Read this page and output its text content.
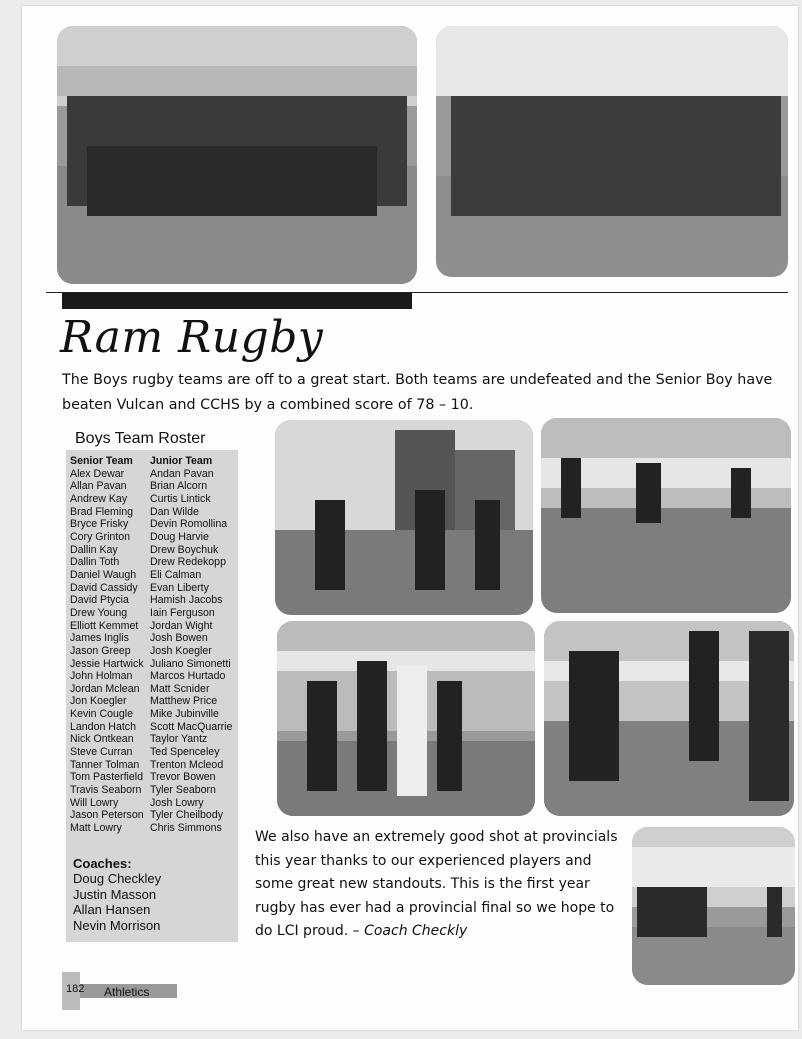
Ram Rugby
The Boys rugby teams are off to a great start. Both teams are undefeated and the Senior Boy have beaten Vulcan and CCHS by a combined score of 78 – 10.
Boys Team Roster
Senior Team
Alex Dewar
Allan Pavan
Andrew Kay
Brad Fleming
Bryce Frisky
Cory Grinton
Dallin Kay
Dallin Toth
Daniel Waugh
David Cassidy
David Ptycia
Drew Young
Elliott Kemmet
James Inglis
Jason Greep
Jessie Hartwick
John Holman
Jordan Mclean
Jon Koegler
Kevin Cougle
Landon Hatch
Nick Ontkean
Steve Curran
Tanner Tolman
Tom Pasterfield
Travis Seaborn
Will Lowry
Jason Peterson
Matt Lowry
Junior Team
Andan Pavan
Brian Alcorn
Curtis Lintick
Dan Wilde
Devin Romollina
Doug Harvie
Drew Boychuk
Drew Redekopp
Eli Calman
Evan Liberty
Hamish Jacobs
Iain Ferguson
Jordan Wight
Josh Bowen
Josh Koegler
Juliano Simonetti
Marcos Hurtado
Matt Scnider
Matthew Price
Mike Jubinville
Scott MacQuarrie
Taylor Yantz
Ted Spenceley
Trenton Mcleod
Trevor Bowen
Tyler Seaborn
Josh Lowry
Tyler Cheilbody
Chris Simmons
Coaches:
Doug Checkley
Justin Masson
Allan Hansen
Nevin Morrison
We also have an extremely good shot at provincials this year thanks to our experienced players and some great new standouts. This is the first year rugby has ever had a provincial final so we hope to do LCI proud. – Coach Checkly
182 Athletics
